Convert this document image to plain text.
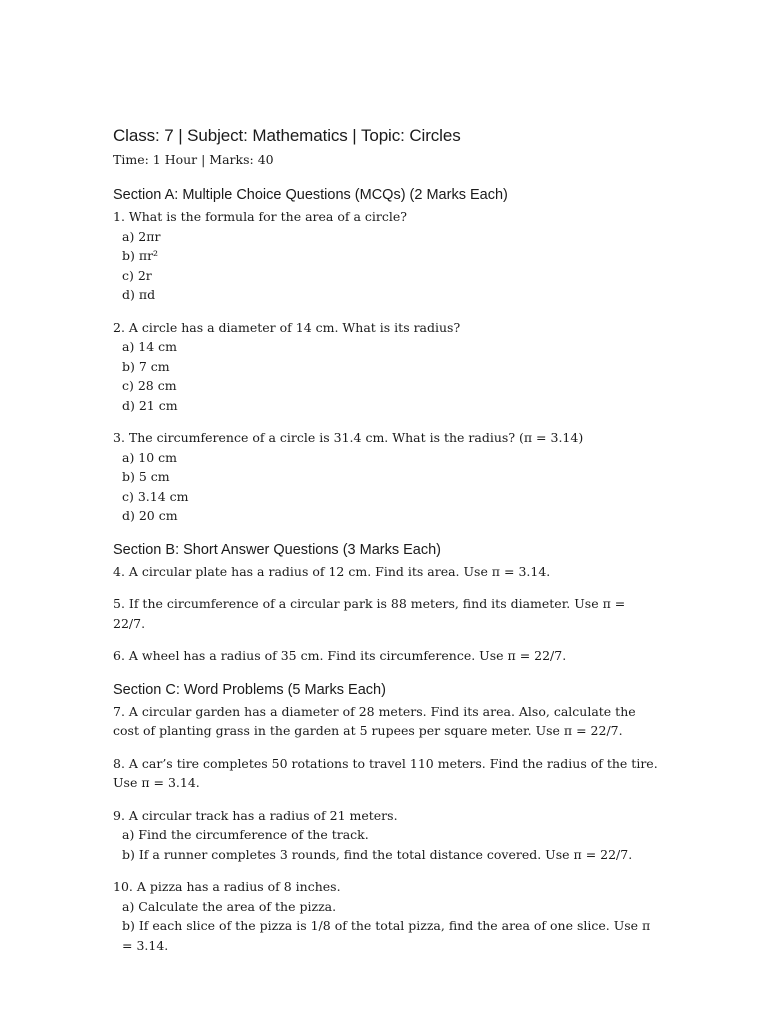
Class: 7 | Subject: Mathematics | Topic: Circles
Time: 1 Hour | Marks: 40
Section A: Multiple Choice Questions (MCQs) (2 Marks Each)
1. What is the formula for the area of a circle?
a) 2πr
b) πr²
c) 2r
d) πd
2. A circle has a diameter of 14 cm. What is its radius?
a) 14 cm
b) 7 cm
c) 28 cm
d) 21 cm
3. The circumference of a circle is 31.4 cm. What is the radius? (π = 3.14)
a) 10 cm
b) 5 cm
c) 3.14 cm
d) 20 cm
Section B: Short Answer Questions (3 Marks Each)
4. A circular plate has a radius of 12 cm. Find its area. Use π = 3.14.
5. If the circumference of a circular park is 88 meters, find its diameter. Use π = 22/7.
6. A wheel has a radius of 35 cm. Find its circumference. Use π = 22/7.
Section C: Word Problems (5 Marks Each)
7. A circular garden has a diameter of 28 meters. Find its area. Also, calculate the cost of planting grass in the garden at 5 rupees per square meter. Use π = 22/7.
8. A car’s tire completes 50 rotations to travel 110 meters. Find the radius of the tire. Use π = 3.14.
9. A circular track has a radius of 21 meters.
a) Find the circumference of the track.
b) If a runner completes 3 rounds, find the total distance covered. Use π = 22/7.
10. A pizza has a radius of 8 inches.
a) Calculate the area of the pizza.
b) If each slice of the pizza is 1/8 of the total pizza, find the area of one slice. Use π = 3.14.
